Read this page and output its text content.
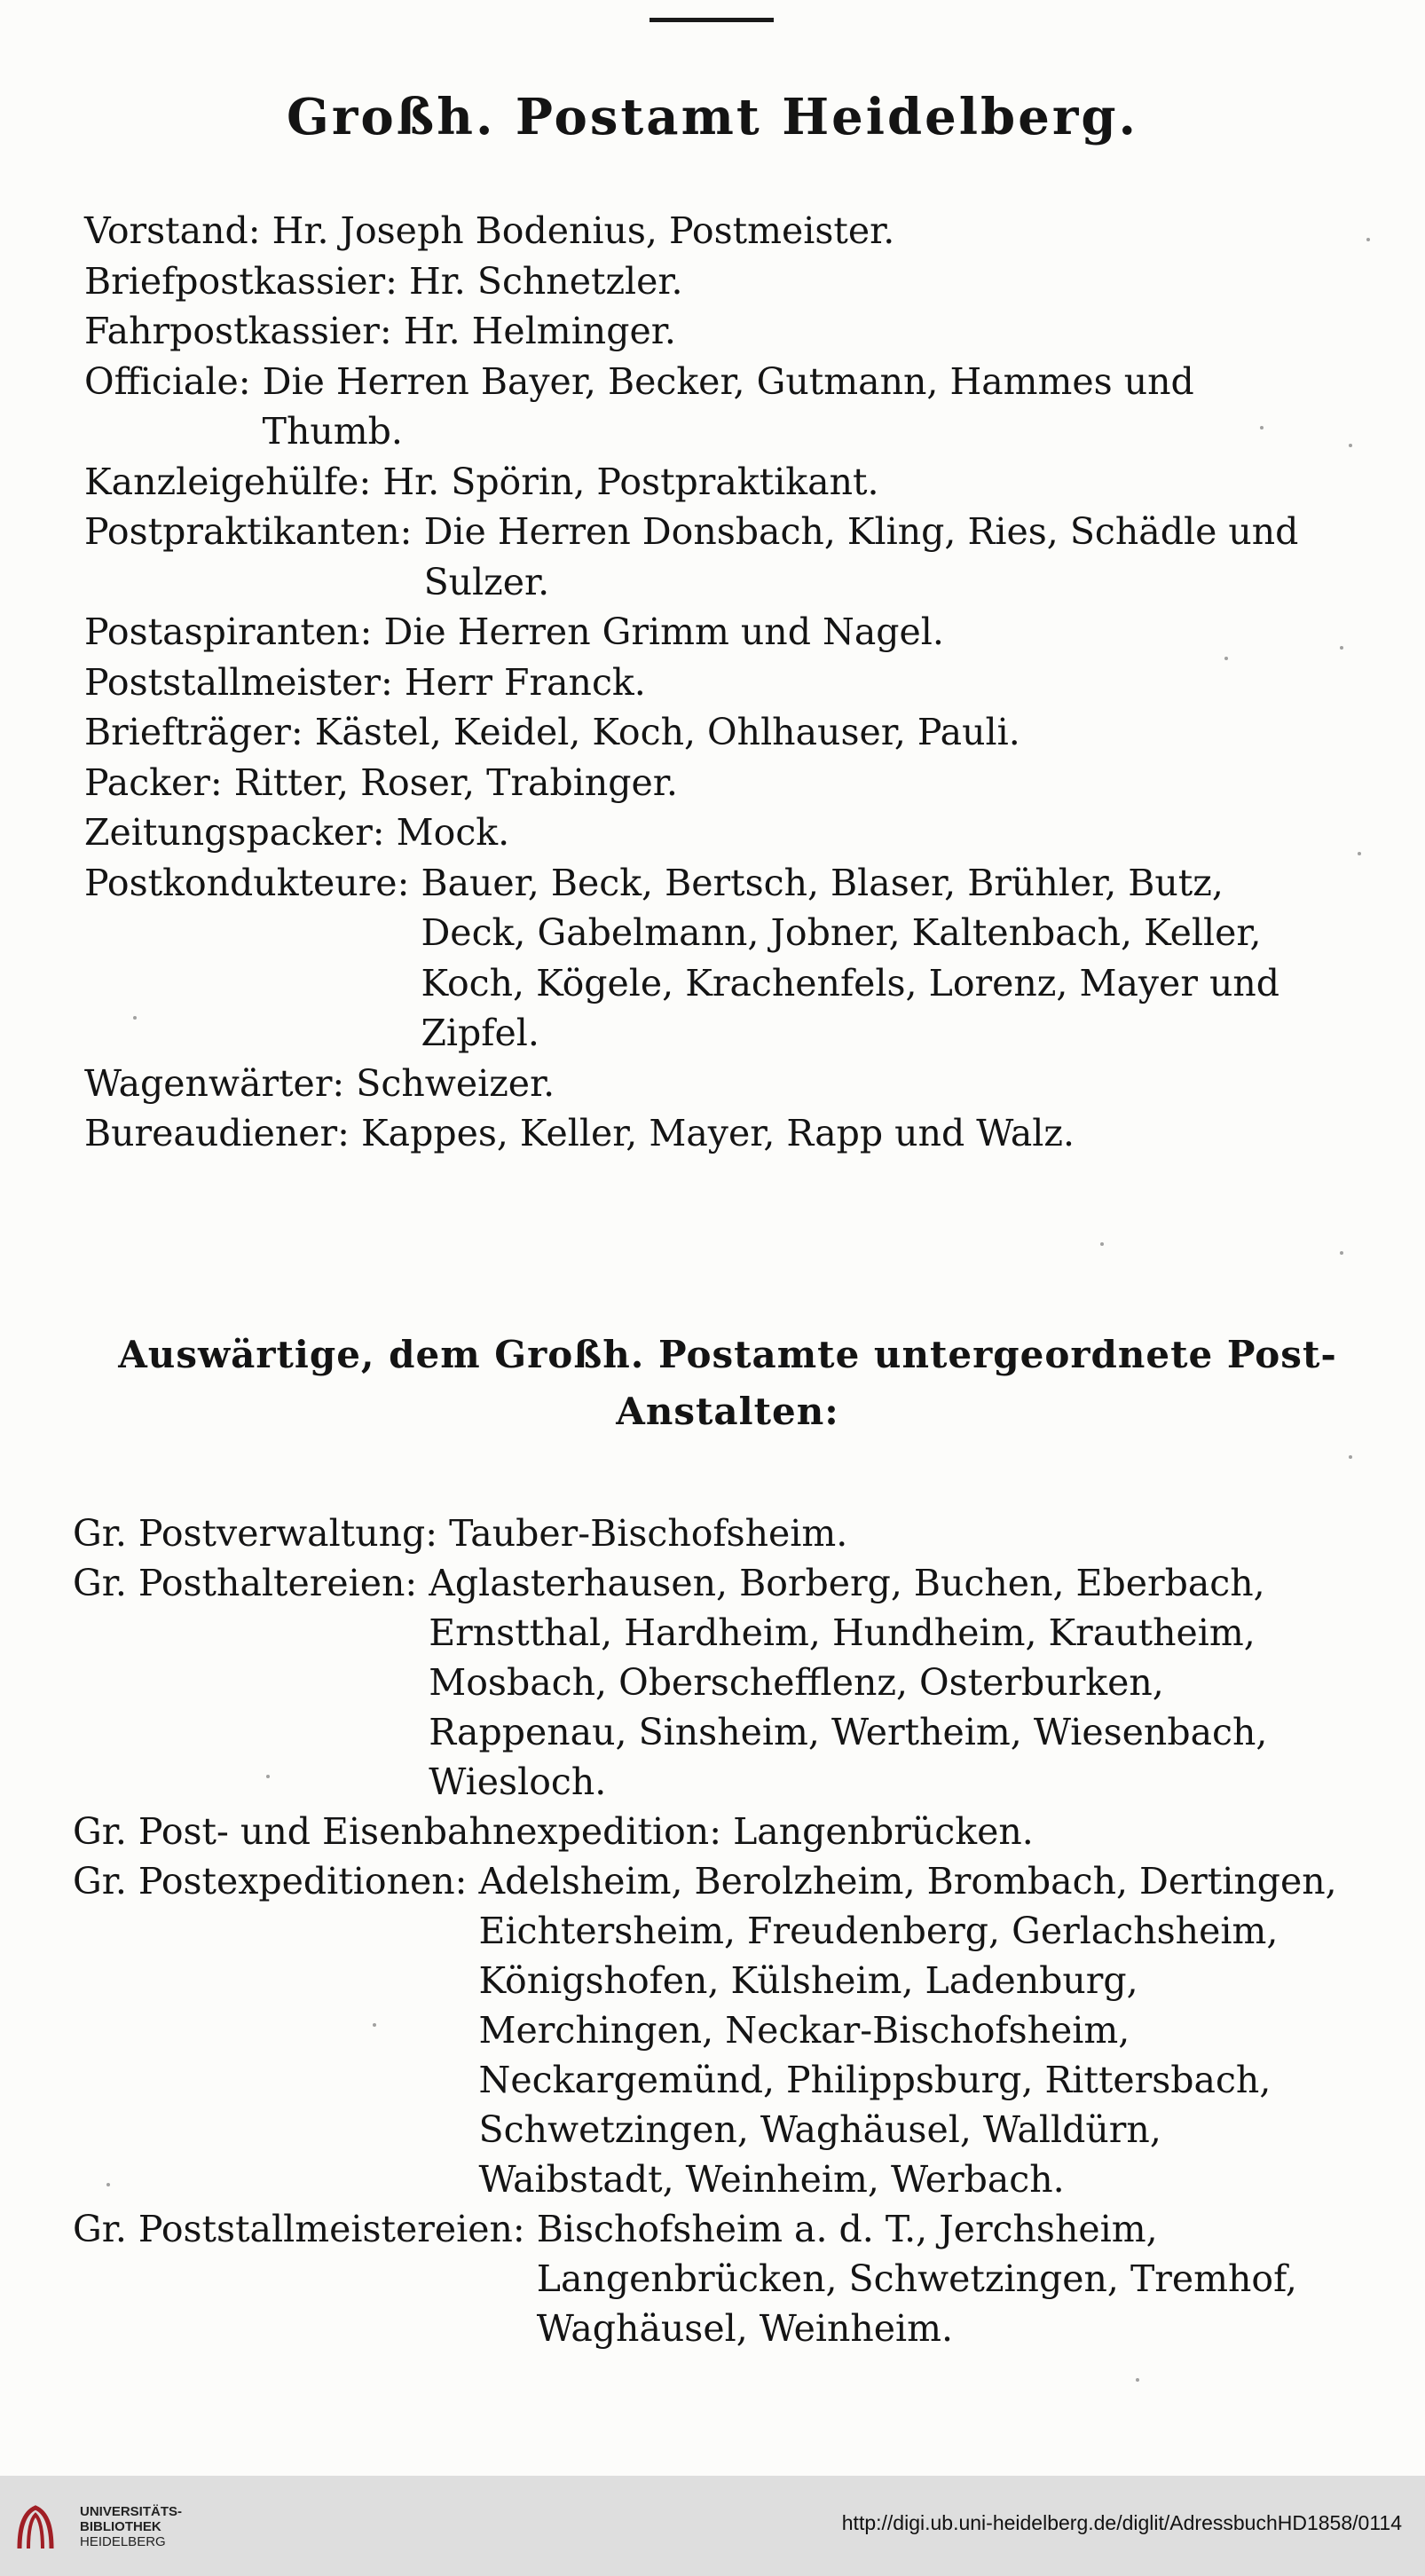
Großh. Postamt Heidelberg.
Vorstand:
Hr. Joseph Bodenius, Postmeister.
Briefpostkassier:
Hr. Schnetzler.
Fahrpostkassier:
Hr. Helminger.
Officiale:
Die Herren Bayer, Becker, Gutmann, Hammes und Thumb.
Kanzleigehülfe:
Hr. Spörin, Postpraktikant.
Postpraktikanten:
Die Herren Donsbach, Kling, Ries, Schädle und Sulzer.
Postaspiranten:
Die Herren Grimm und Nagel.
Poststallmeister:
Herr Franck.
Briefträger:
Kästel, Keidel, Koch, Ohlhauser, Pauli.
Packer:
Ritter, Roser, Trabinger.
Zeitungspacker:
Mock.
Postkondukteure:
Bauer, Beck, Bertsch, Blaser, Brühler, Butz, Deck, Gabelmann, Jobner, Kaltenbach, Keller, Koch, Kögele, Krachenfels, Lorenz, Mayer und Zipfel.
Wagenwärter:
Schweizer.
Bureaudiener:
Kappes, Keller, Mayer, Rapp und Walz.
Auswärtige, dem Großh. Postamte untergeordnete Post-Anstalten:
Gr. Postverwaltung:
Tauber-Bischofsheim.
Gr. Posthaltereien:
Aglasterhausen, Borberg, Buchen, Eberbach, Ernstthal, Hardheim, Hundheim, Krautheim, Mosbach, Oberschefflenz, Osterburken, Rappenau, Sinsheim, Wertheim, Wiesenbach, Wiesloch.
Gr. Post- und Eisenbahnexpedition:
Langenbrücken.
Gr. Postexpeditionen:
Adelsheim, Berolzheim, Brombach, Dertingen, Eichtersheim, Freudenberg, Gerlachsheim, Königshofen, Külsheim, Ladenburg, Merchingen, Neckar-Bischofsheim, Neckargemünd, Philippsburg, Rittersbach, Schwetzingen, Waghäusel, Walldürn, Waibstadt, Weinheim, Werbach.
Gr. Poststallmeistereien:
Bischofsheim a. d. T., Jerchsheim, Langenbrücken, Schwetzingen, Tremhof, Waghäusel, Weinheim.
UNIVERSITÄTS-
BIBLIOTHEK
HEIDELBERG
http://digi.ub.uni-heidelberg.de/diglit/AdressbuchHD1858/0114
